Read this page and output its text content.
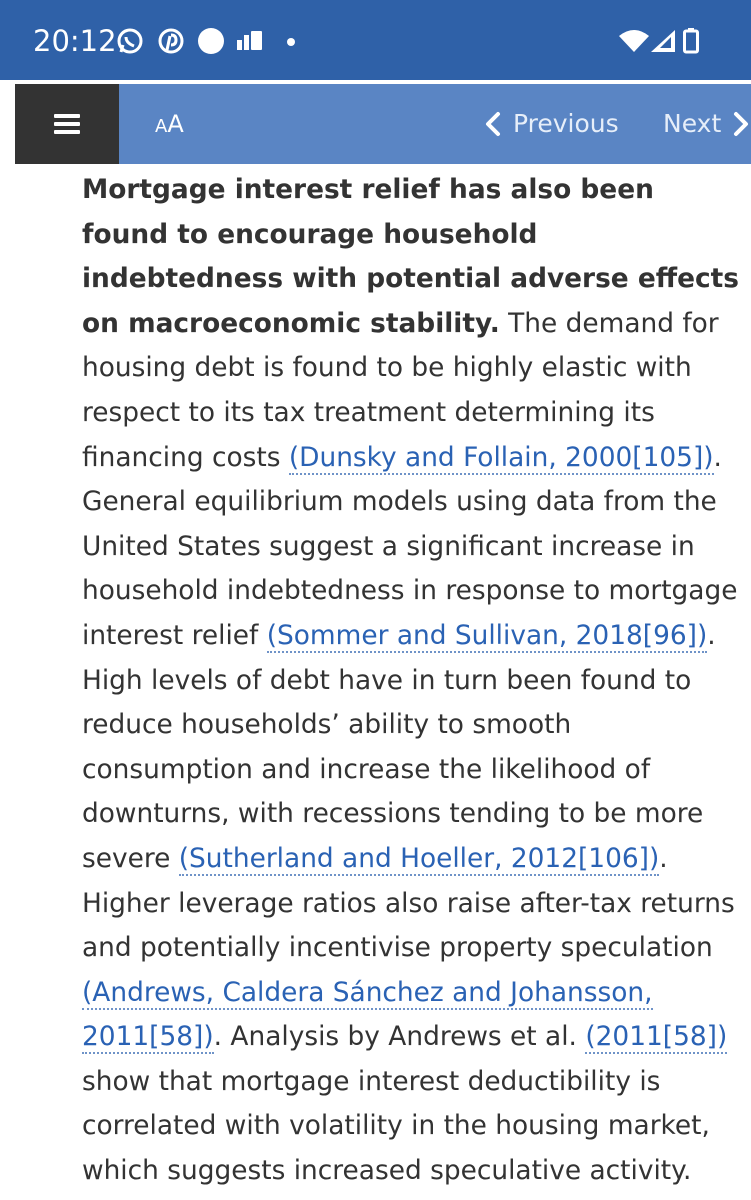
20:12
AA	Previous Next

Mortgage interest relief has also been found to encourage household indebtedness with potential adverse effects on macroeconomic stability. The demand for housing debt is found to be highly elastic with respect to its tax treatment determining its financing costs (Dunsky and Follain, 2000[105]). General equilibrium models using data from the United States suggest a significant increase in household indebtedness in response to mortgage interest relief (Sommer and Sullivan, 2018[96]). High levels of debt have in turn been found to reduce households’ ability to smooth consumption and increase the likelihood of downturns, with recessions tending to be more severe (Sutherland and Hoeller, 2012[106]). Higher leverage ratios also raise after-tax returns and potentially incentivise property speculation (Andrews, Caldera Sánchez and Johansson, 2011[58]). Analysis by Andrews et al. (2011[58]) show that mortgage interest deductibility is correlated with volatility in the housing market, which suggests increased speculative activity.
